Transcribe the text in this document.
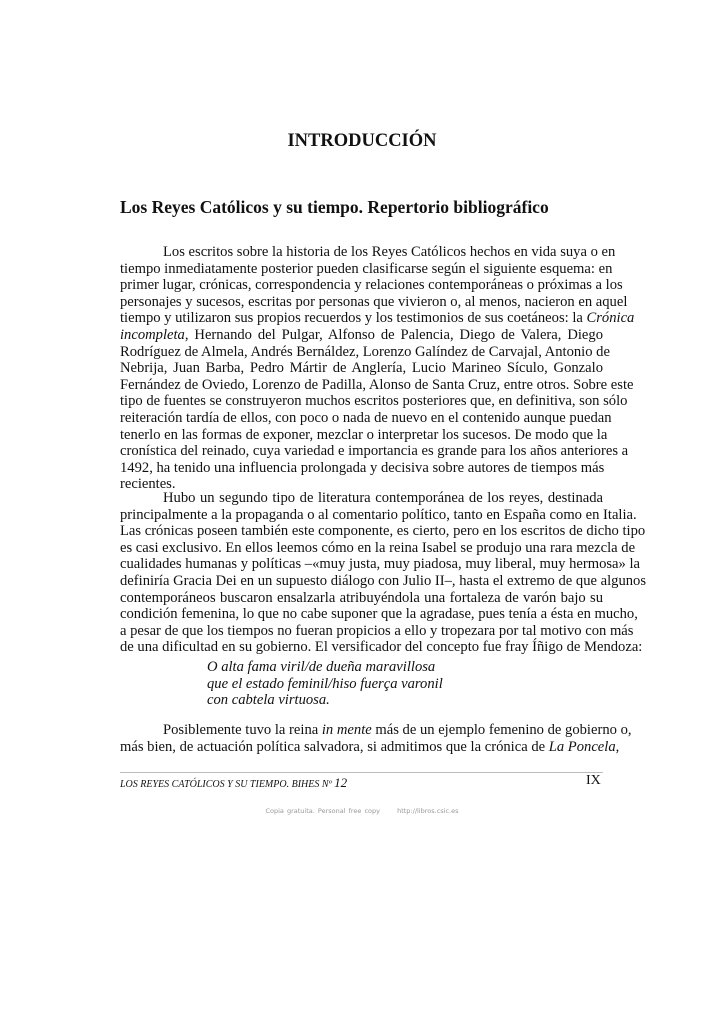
INTRODUCCIÓN
Los Reyes Católicos y su tiempo. Repertorio bibliográfico
Los escritos sobre la historia de los Reyes Católicos hechos en vida suya o en
tiempo inmediatamente posterior pueden clasificarse según el siguiente esquema: en
primer lugar, crónicas, correspondencia y relaciones contemporáneas o próximas a los
personajes y sucesos, escritas por personas que vivieron o, al menos, nacieron en aquel
tiempo y utilizaron sus propios recuerdos y los testimonios de sus coetáneos: la Crónica
incompleta, Hernando del Pulgar, Alfonso de Palencia, Diego de Valera, Diego
Rodríguez de Almela, Andrés Bernáldez, Lorenzo Galíndez de Carvajal, Antonio de
Nebrija, Juan Barba, Pedro Mártir de Anglería, Lucio Marineo Sículo, Gonzalo
Fernández de Oviedo, Lorenzo de Padilla, Alonso de Santa Cruz, entre otros. Sobre este
tipo de fuentes se construyeron muchos escritos posteriores que, en definitiva, son sólo
reiteración tardía de ellos, con poco o nada de nuevo en el contenido aunque puedan
tenerlo en las formas de exponer, mezclar o interpretar los sucesos. De modo que la
cronística del reinado, cuya variedad e importancia es grande para los años anteriores a
1492, ha tenido una influencia prolongada y decisiva sobre autores de tiempos más
recientes.
Hubo un segundo tipo de literatura contemporánea de los reyes, destinada
principalmente a la propaganda o al comentario político, tanto en España como en Italia.
Las crónicas poseen también este componente, es cierto, pero en los escritos de dicho tipo
es casi exclusivo. En ellos leemos cómo en la reina Isabel se produjo una rara mezcla de
cualidades humanas y políticas –«muy justa, muy piadosa, muy liberal, muy hermosa» la
definiría Gracia Dei en un supuesto diálogo con Julio II–, hasta el extremo de que algunos
contemporáneos buscaron ensalzarla atribuyéndola una fortaleza de varón bajo su
condición femenina, lo que no cabe suponer que la agradase, pues tenía a ésta en mucho,
a pesar de que los tiempos no fueran propicios a ello y tropezara por tal motivo con más
de una dificultad en su gobierno. El versificador del concepto fue fray Íñigo de Mendoza:
O alta fama viril/de dueña maravillosa
que el estado feminil/hiso fuerça varonil
con cabtela virtuosa.
Posiblemente tuvo la reina in mente más de un ejemplo femenino de gobierno o,
más bien, de actuación política salvadora, si admitimos que la crónica de La Poncela,
LOS REYES CATÓLICOS Y SU TIEMPO. BIHES Nº 12	IX
Copia gratuita. Personal free copy	http://libros.csic.es
